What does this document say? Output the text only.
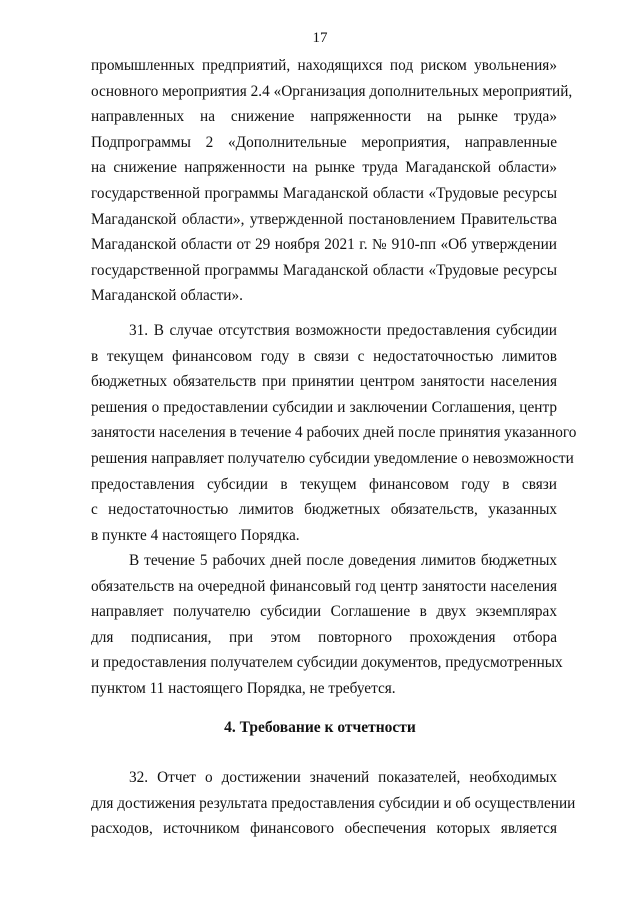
17
промышленных предприятий, находящихся под риском увольнения»
основного мероприятия 2.4 «Организация дополнительных мероприятий,
направленных на снижение напряженности на рынке труда»
Подпрограммы 2 «Дополнительные мероприятия, направленные
на снижение напряженности на рынке труда Магаданской области»
государственной программы Магаданской области «Трудовые ресурсы
Магаданской области», утвержденной постановлением Правительства
Магаданской области от 29 ноября 2021 г. № 910-пп «Об утверждении
государственной программы Магаданской области «Трудовые ресурсы
Магаданской области».
31. В случае отсутствия возможности предоставления субсидии
в текущем финансовом году в связи с недостаточностью лимитов
бюджетных обязательств при принятии центром занятости населения
решения о предоставлении субсидии и заключении Соглашения, центр
занятости населения в течение 4 рабочих дней после принятия указанного
решения направляет получателю субсидии уведомление о невозможности
предоставления субсидии в текущем финансовом году в связи
с недостаточностью лимитов бюджетных обязательств, указанных
в пункте 4 настоящего Порядка.
В течение 5 рабочих дней после доведения лимитов бюджетных
обязательств на очередной финансовый год центр занятости населения
направляет получателю субсидии Соглашение в двух экземплярах
для подписания, при этом повторного прохождения отбора
и предоставления получателем субсидии документов, предусмотренных
пунктом 11 настоящего Порядка, не требуется.
4. Требование к отчетности
32. Отчет о достижении значений показателей, необходимых
для достижения результата предоставления субсидии и об осуществлении
расходов, источником финансового обеспечения которых является
